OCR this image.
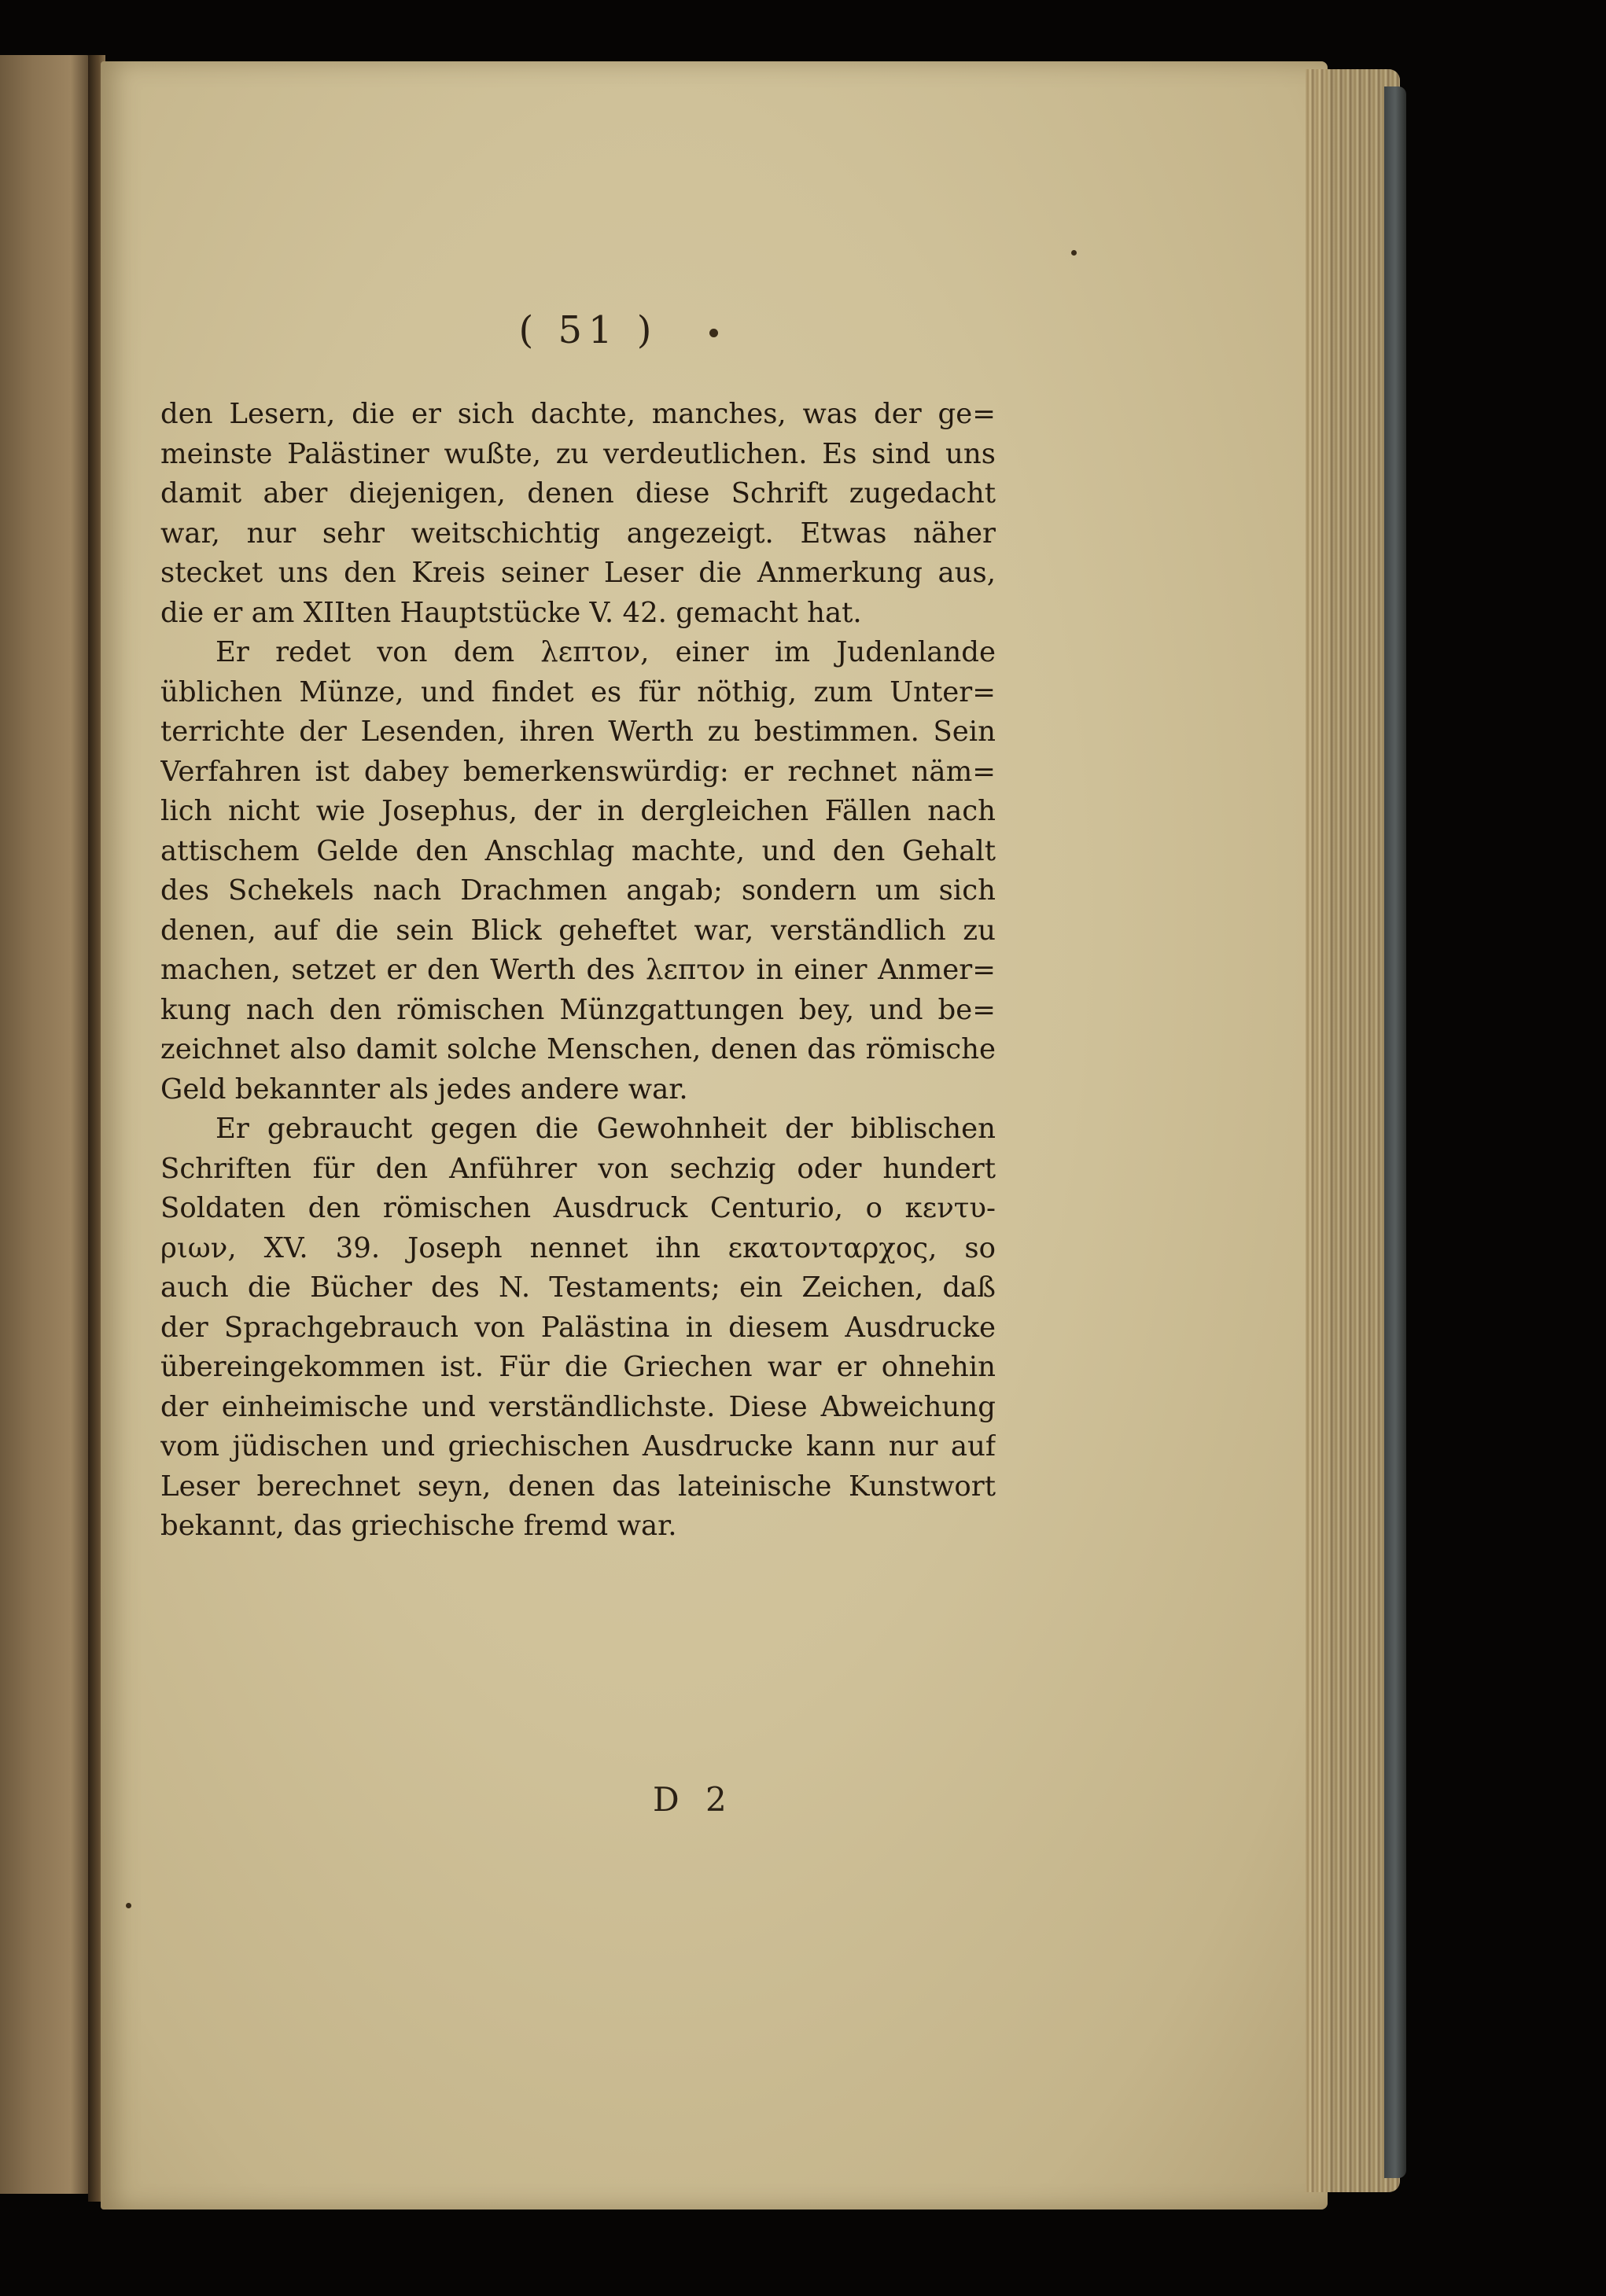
( 51 )
den Lesern, die er sich dachte, manches, was der ge=
meinste Palästiner wußte, zu verdeutlichen. Es sind uns
damit aber diejenigen, denen diese Schrift zugedacht
war, nur sehr weitschichtig angezeigt. Etwas näher
stecket uns den Kreis seiner Leser die Anmerkung aus,
die er am XIIten Hauptstücke V. 42. gemacht hat.
Er redet von dem λεπτον, einer im Judenlande
üblichen Münze, und findet es für nöthig, zum Unter=
terrichte der Lesenden, ihren Werth zu bestimmen. Sein
Verfahren ist dabey bemerkenswürdig: er rechnet näm=
lich nicht wie Josephus, der in dergleichen Fällen nach
attischem Gelde den Anschlag machte, und den Gehalt
des Schekels nach Drachmen angab; sondern um sich
denen, auf die sein Blick geheftet war, verständlich zu
machen, setzet er den Werth des λεπτον in einer Anmer=
kung nach den römischen Münzgattungen bey, und be=
zeichnet also damit solche Menschen, denen das römische
Geld bekannter als jedes andere war.
Er gebraucht gegen die Gewohnheit der biblischen
Schriften für den Anführer von sechzig oder hundert
Soldaten den römischen Ausdruck Centurio, ο κεντυ-
ριων, XV. 39. Joseph nennet ihn εκατονταρχος, so
auch die Bücher des N. Testaments; ein Zeichen, daß
der Sprachgebrauch von Palästina in diesem Ausdrucke
übereingekommen ist. Für die Griechen war er ohnehin
der einheimische und verständlichste. Diese Abweichung
vom jüdischen und griechischen Ausdrucke kann nur auf
Leser berechnet seyn, denen das lateinische Kunstwort
bekannt, das griechische fremd war.
D 2
